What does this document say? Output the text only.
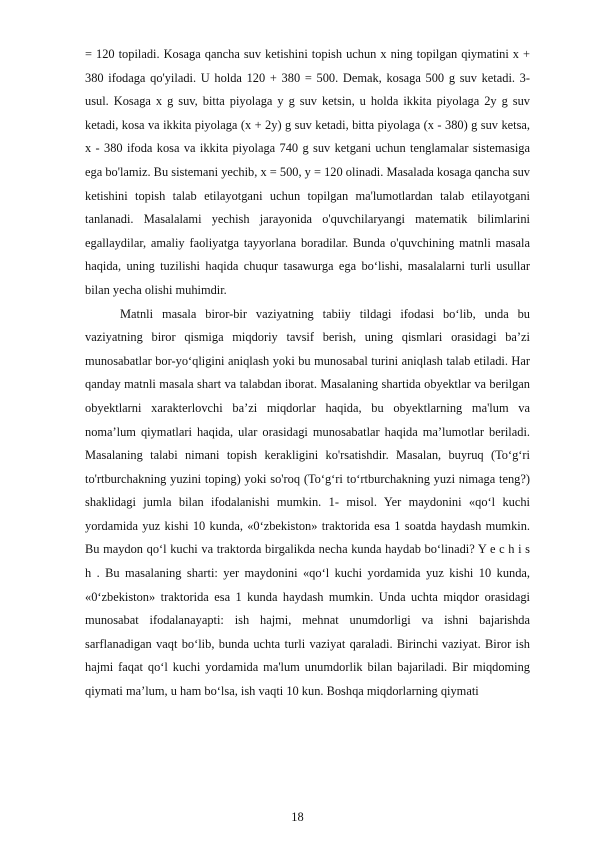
= 120 topiladi. Kosaga qancha suv ketishini topish uchun x ning topilgan qiymatini x + 380 ifodaga qo'yiladi. U holda 120 + 380 = 500. Demak, kosaga 500 g suv ketadi. 3- usul. Kosaga x g suv, bitta piyolaga y g suv ketsin, u holda ikkita piyolaga 2y g suv ketadi, kosa va ikkita piyolaga (x + 2y) g suv ketadi, bitta piyolaga (x - 380) g suv ketsa, x - 380 ifoda kosa va ikkita piyolaga 740 g suv ketgani uchun tenglamalar sistemasiga ega bo'lamiz. Bu sistemani yechib, x = 500, y = 120 olinadi. Masalada kosaga qancha suv ketishini topish talab etilayotgani uchun topilgan ma'lumotlardan talab etilayotgani tanlanadi. Masalalami yechish jarayonida o'quvchilaryangi matematik bilimlarini egallaydilar, amaliy faoliyatga tayyorlana boradilar. Bunda o'quvchining matnli masala haqida, uning tuzilishi haqida chuqur tasawurga ega bo‘lishi, masalalarni turli usullar bilan yecha olishi muhimdir.

Matnli masala biror-bir vaziyatning tabiiy tildagi ifodasi bo‘lib, unda bu vaziyatning biror qismiga miqdoriy tavsif berish, uning qismlari orasidagi ba’zi munosabatlar bor-yo‘qligini aniqlash yoki bu munosabal turini aniqlash talab etiladi. Har qanday matnli masala shart va talabdan iborat. Masalaning shartida obyektlar va berilgan obyektlarni xarakterlovchi ba’zi miqdorlar haqida, bu obyektlarning ma'lum va noma’lum qiymatlari haqida, ular orasidagi munosabatlar haqida ma’lumotlar beriladi. Masalaning talabi nimani topish kerakligini ko'rsatishdir. Masalan, buyruq (To‘g‘ri to'rtburchakning yuzini toping) yoki so'roq (To‘g‘ri to‘rtburchakning yuzi nimaga teng?) shaklidagi jumla bilan ifodalanishi mumkin. 1- misol. Yer maydonini «qo‘l kuchi yordamida yuz kishi 10 kunda, «0‘zbekiston» traktorida esa 1 soatda haydash mumkin. Bu maydon qo‘l kuchi va traktorda birgalikda necha kunda haydab bo‘linadi? Y e c h i s h . Bu masalaning sharti: yer maydonini «qo‘l kuchi yordamida yuz kishi 10 kunda, «0‘zbekiston» traktorida esa 1 kunda haydash mumkin. Unda uchta miqdor orasidagi munosabat ifodalanayapti: ish hajmi, mehnat unumdorligi va ishni bajarishda sarflanadigan vaqt bo‘lib, bunda uchta turli vaziyat qaraladi. Birinchi vaziyat. Biror ish hajmi faqat qo‘l kuchi yordamida ma'lum unumdorlik bilan bajariladi. Bir miqdoming qiymati ma’lum, u ham bo‘lsa, ish vaqti 10 kun. Boshqa miqdorlarning qiymati

18
